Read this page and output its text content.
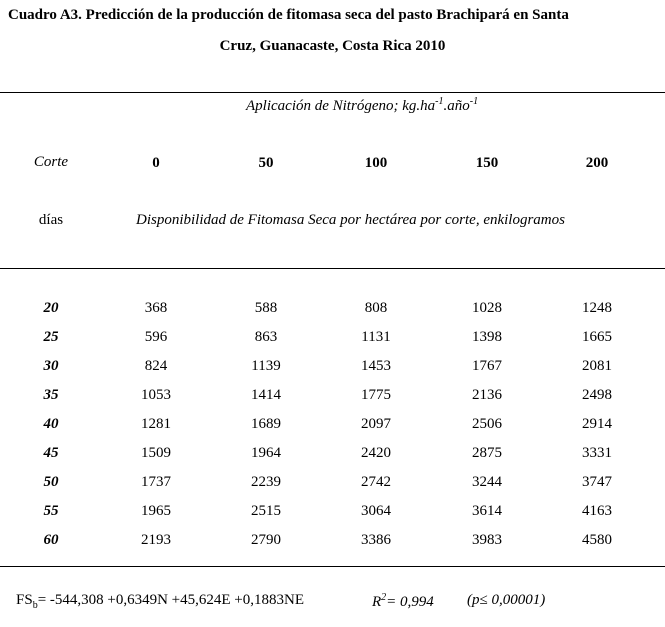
Cuadro A3. Predicción de la producción de fitomasa seca del pasto Brachipará en Santa
Cruz, Guanacaste, Costa Rica 2010
Aplicación de Nitrógeno; $kg.ha^{-1}.año^{-1}$
Corte	0	50	100	150	200
días	Disponibilidad de Fitomasa Seca por hectárea por corte, enkilogramos
20	368	588	808	1028	1248
25	596	863	1131	1398	1665
30	824	1139	1453	1767	2081
35	1053	1414	1775	2136	2498
40	1281	1689	2097	2506	2914
45	1509	1964	2420	2875	3331
50	1737	2239	2742	3244	3747
55	1965	2515	3064	3614	4163
60	2193	2790	3386	3983	4580
$FS_b= -544,308 +0,6349N +45,624E +0,1883NE$	$R^2= 0,994$ (p≤ 0,00001)
